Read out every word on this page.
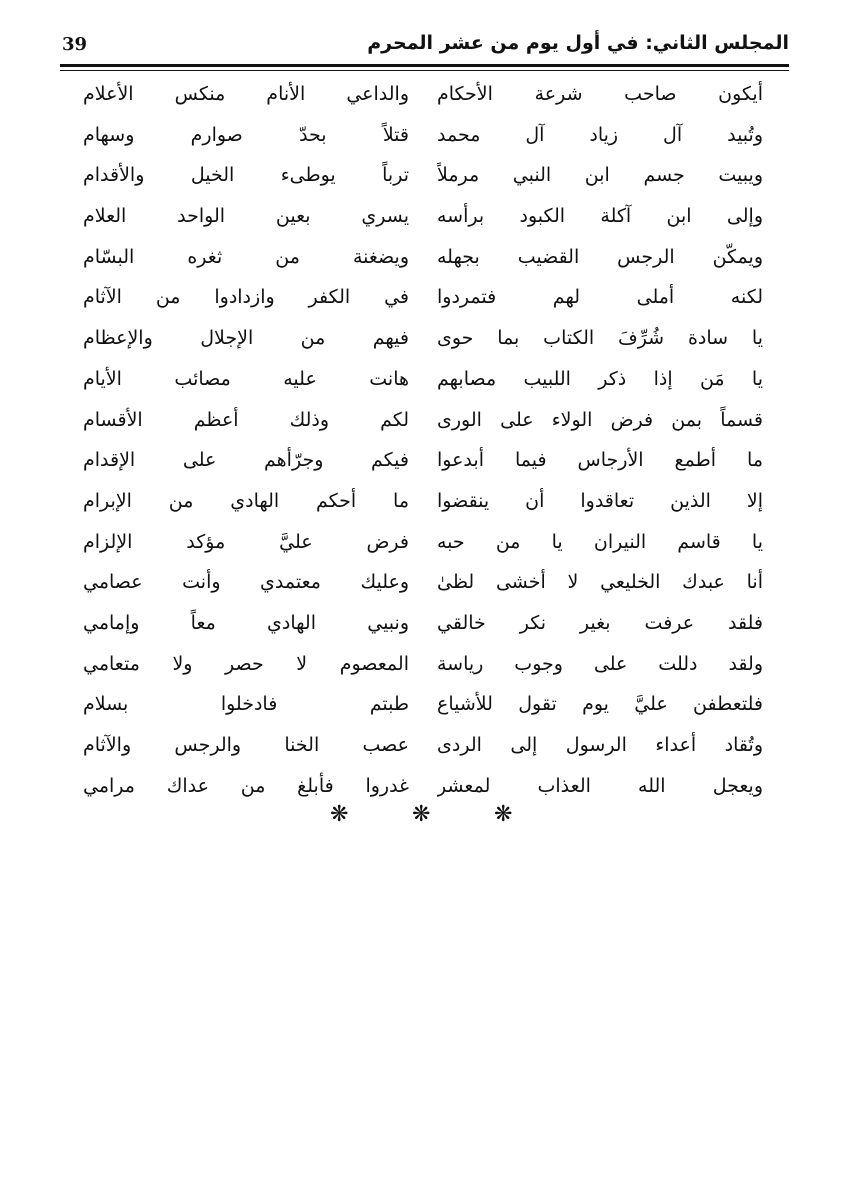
المجلس الثاني: في أول يوم من عشر المحرم
39
أيكون صاحب شرعة الأحكام
والداعي الأنام منكس الأعلام
وتُبيد آل زياد آل محمد
قتلاً بحدّ صوارم وسهام
ويبيت جسم ابن النبي مرملاً
ترباً يوطىء الخيل والأقدام
وإلى ابن آكلة الكبود برأسه
يسري بعين الواحد العلام
ويمكّن الرجس القضيب بجهله
ويضغنة من ثغره البسّام
لكنه أملى لهم فتمردوا
في الكفر وازدادوا من الآثام
يا سادة شُرِّفَ الكتاب بما حوى
فيهم من الإجلال والإعظام
يا مَن إذا ذكر اللبيب مصابهم
هانت عليه مصائب الأيام
قسماً بمن فرض الولاء على الورى
لكم وذلك أعظم الأقسام
ما أطمع الأرجاس فيما أبدعوا
فيكم وجرّأهم على الإقدام
إلا الذين تعاقدوا أن ينقضوا
ما أحكم الهادي من الإبرام
يا قاسم النيران يا من حبه
فرض عليَّ مؤكد الإلزام
أنا عبدك الخليعي لا أخشى لظىٰ
وعليك معتمدي وأنت عصامي
فلقد عرفت بغير نكر خالقي
ونبيي الهادي معاً وإمامي
ولقد دللت على وجوب رياسة
المعصوم لا حصر ولا متعامي
فلتعطفن عليَّ يوم تقول للأشياع
طبتم فادخلوا بسلام
وتُقاد أعداء الرسول إلى الردى
عصب الخنا والرجس والآثام
ويعجل الله العذاب لمعشر
غدروا فأبلغ من عداك مرامي
❋	❋	❋
